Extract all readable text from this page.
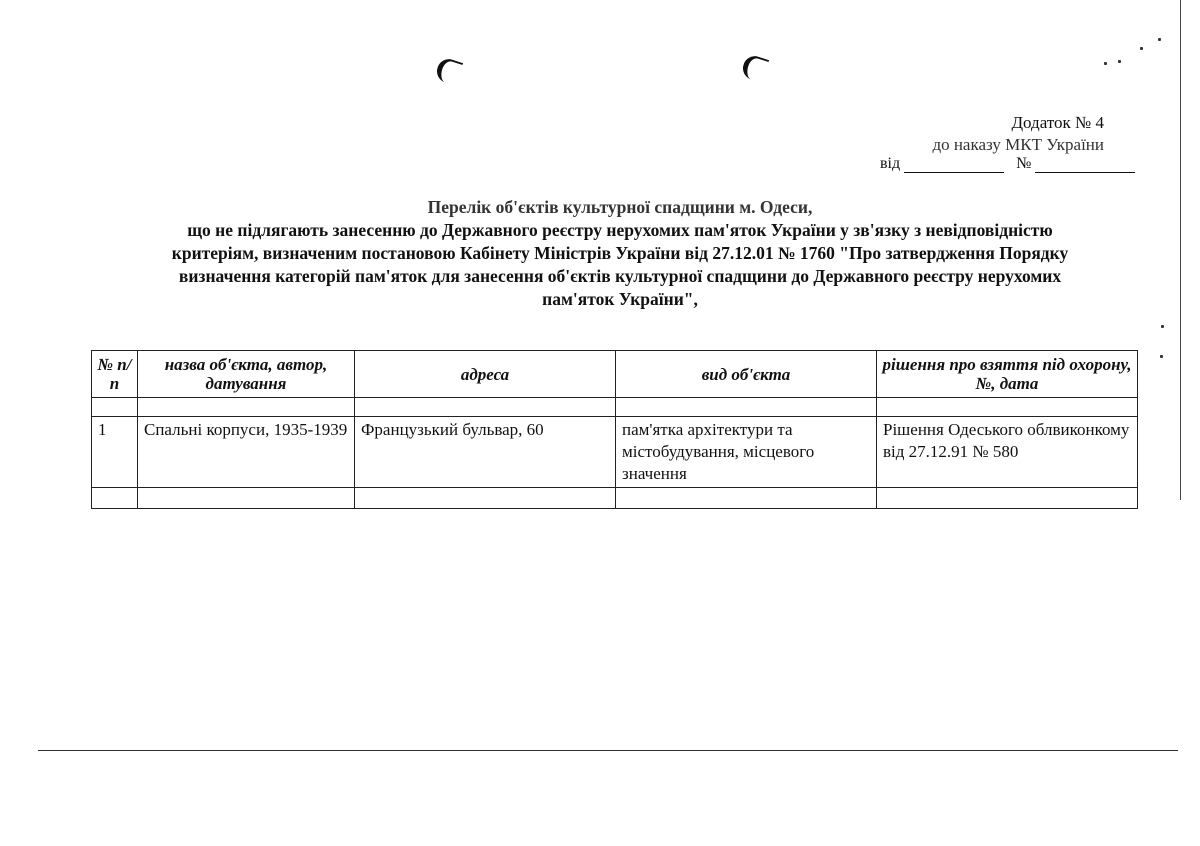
Додаток № 4
до наказу МКТ України
від	№
Перелік об'єктів культурної спадщини м. Одеси,
що не підлягають занесенню до Державного реєстру нерухомих пам'яток України у зв'язку з невідповідністю
критеріям, визначеним постановою Кабінету Міністрів України від 27.12.01 № 1760 "Про затвердження Порядку
визначення категорій пам'яток для занесення об'єктів культурної спадщини до Державного реєстру нерухомих
пам'яток України",
№ п/п	назва об'єкта, автор, датування	адреса	вид об'єкта	рішення про взяття під охорону, №, дата

1	Спальні корпуси, 1935-1939	Французький бульвар, 60	пам'ятка архітектури та містобудування, місцевого значення	Рішення Одеського облвиконкому від 27.12.91 № 580
